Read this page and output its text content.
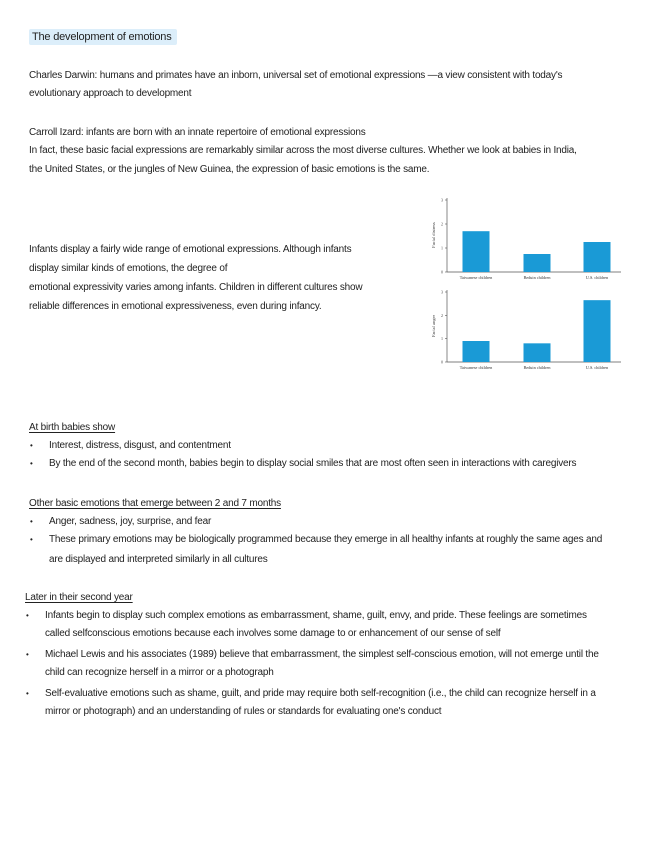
The development of emotions

Charles Darwin: humans and primates have an inborn, universal set of emotional expressions —a view consistent with today's

evolutionary approach to development

Carroll Izard: infants are born with an innate repertoire of emotional expressions

In fact, these basic facial expressions are remarkably similar across the most diverse cultures. Whether we look at babies in India,

the United States, or the jungles of New Guinea, the expression of basic emotions is the same.

Infants display a fairly wide range of emotional expressions. Although infants

display similar kinds of emotions, the degree of

emotional expressivity varies among infants. Children in different cultures show

reliable differences in emotional expressiveness, even during infancy.

Facial distress
0
1
2
3
Taiwanese children	Beduin children	U.S. children
Facial anger
0
1
2
3
Taiwanese children	Beduin children	U.S. children

At birth babies show

• Interest, distress, disgust, and contentment
• By the end of the second month, babies begin to display social smiles that are most often seen in interactions with caregivers

Other basic emotions that emerge between 2 and 7 months

• Anger, sadness, joy, surprise, and fear
• These primary emotions may be biologically programmed because they emerge in all healthy infants at roughly the same ages and

are displayed and interpreted similarly in all cultures

Later in their second year

• Infants begin to display such complex emotions as embarrassment, shame, guilt, envy, and pride. These feelings are sometimes

called selfconscious emotions because each involves some damage to or enhancement of our sense of self

• Michael Lewis and his associates (1989) believe that embarrassment, the simplest self-conscious emotion, will not emerge until the

child can recognize herself in a mirror or a photograph

• Self-evaluative emotions such as shame, guilt, and pride may require both self-recognition (i.e., the child can recognize herself in a

mirror or photograph) and an understanding of rules or standards for evaluating one's conduct
